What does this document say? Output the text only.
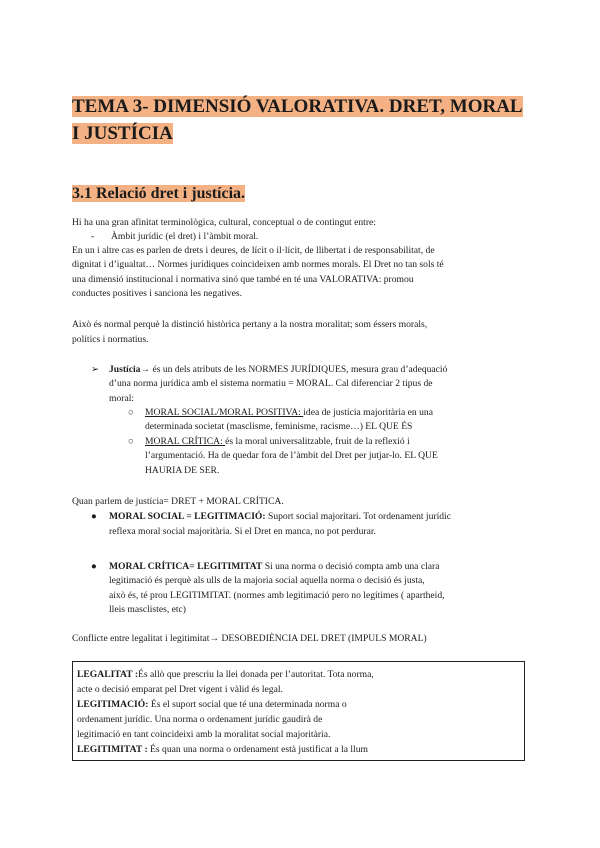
TEMA 3- DIMENSIÓ VALORATIVA. DRET, MORAL I JUSTÍCIA
3.1 Relació dret i justícia.
Hi ha una gran afinitat terminològica, cultural, conceptual o de contingut entre:
- Àmbit jurídic (el dret) i l’àmbit moral.
En un i altre cas es parlen de drets i deures, de lícit o il·lícit, de llibertat i de responsabilitat, de
dignitat i d’igualtat… Normes jurídiques coincideixen amb normes morals. El Dret no tan sols té
una dimensió institucional i normativa sinó que també en té una VALORATIVA: promou
conductes positives i sanciona les negatives.
Això és normal perquè la distinció històrica pertany a la nostra moralitat; som éssers morals,
polítics i normatius.
➢ Justícia→ és un dels atributs de les NORMES JURÍDIQUES, mesura grau d’adequació
d’una norma jurídica amb el sistema normatiu = MORAL. Cal diferenciar 2 tipus de
moral:
○ MORAL SOCIAL/MORAL POSITIVA: idea de justícia majoritària en una
determinada societat (masclisme, feminisme, racisme…) EL QUE ÉS
○ MORAL CRÍTICA: és la moral universalitzable, fruit de la reflexió i
l’argumentació. Ha de quedar fora de l’àmbit del Dret per jutjar-lo. EL QUE
HAURIA DE SER.
Quan parlem de justícia= DRET + MORAL CRÍTICA.
● MORAL SOCIAL = LEGITIMACIÓ: Suport social majoritari. Tot ordenament jurídic
reflexa moral social majoritària. Si el Dret en manca, no pot perdurar.
● MORAL CRÍTICA= LEGITIMITAT Si una norma o decisió compta amb una clara
legitimació és perquè als ulls de la majoria social aquella norma o decisió és justa,
això és, té prou LEGITIMITAT. (normes amb legitimació pero no legítimes ( apartheid,
lleis masclistes, etc)
Conflicte entre legalitat i legitimitat→ DESOBEDIÈNCIA DEL DRET (IMPULS MORAL)
LEGALITAT :És allò que prescriu la llei donada per l’autoritat. Tota norma,
acte o decisió emparat pel Dret vigent i vàlid és legal.
LEGITIMACIÓ: És el suport social que té una determinada norma o
ordenament jurídic. Una norma o ordenament jurídic gaudirà de
legitimació en tant coincideixi amb la moralitat social majoritària.
LEGITIMITAT : És quan una norma o ordenament està justificat a la llum
